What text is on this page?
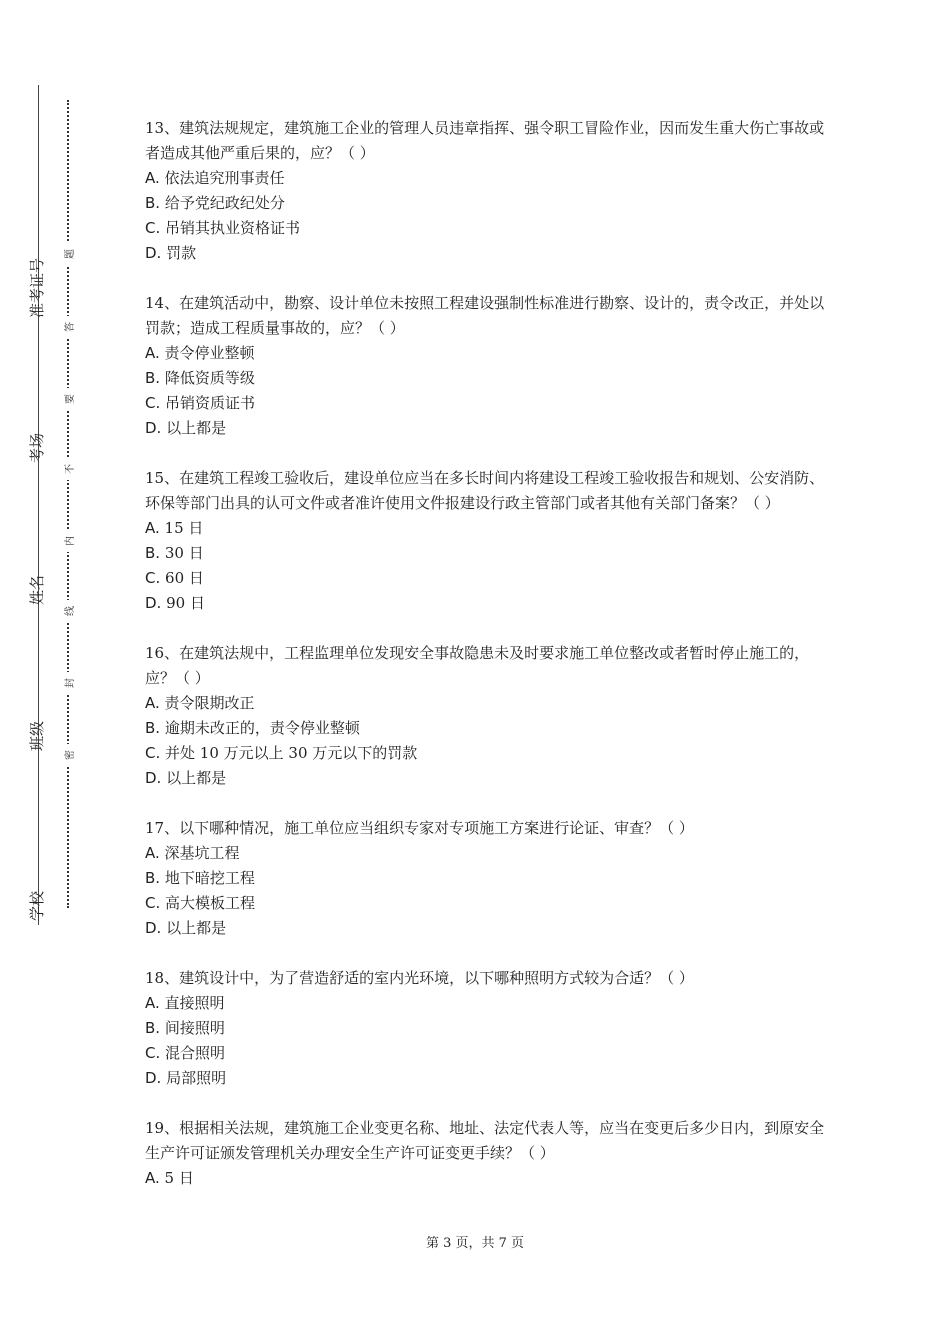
准考证号
考场
姓名
班级
学校
题
答
要
不
内
线
封
密

13、建筑法规规定，建筑施工企业的管理人员违章指挥、强令职工冒险作业，因而发生重大伤亡事故或者造成其他严重后果的，应？（ ）

A. 依法追究刑事责任

B. 给予党纪政纪处分

C. 吊销其执业资格证书

D. 罚款

14、在建筑活动中，勘察、设计单位未按照工程建设强制性标准进行勘察、设计的，责令改正，并处以罚款；造成工程质量事故的，应？（ ）

A. 责令停业整顿

B. 降低资质等级

C. 吊销资质证书

D. 以上都是

15、在建筑工程竣工验收后，建设单位应当在多长时间内将建设工程竣工验收报告和规划、公安消防、环保等部门出具的认可文件或者准许使用文件报建设行政主管部门或者其他有关部门备案？（ ）

A. 15 日

B. 30 日

C. 60 日

D. 90 日

16、在建筑法规中，工程监理单位发现安全事故隐患未及时要求施工单位整改或者暂时停止施工的，应？（ ）

A. 责令限期改正

B. 逾期未改正的，责令停业整顿

C. 并处 10 万元以上 30 万元以下的罚款

D. 以上都是

17、以下哪种情况，施工单位应当组织专家对专项施工方案进行论证、审查？（ ）

A. 深基坑工程

B. 地下暗挖工程

C. 高大模板工程

D. 以上都是

18、建筑设计中，为了营造舒适的室内光环境，以下哪种照明方式较为合适？（ ）

A. 直接照明

B. 间接照明

C. 混合照明

D. 局部照明

19、根据相关法规，建筑施工企业变更名称、地址、法定代表人等，应当在变更后多少日内，到原安全生产许可证颁发管理机关办理安全生产许可证变更手续？（ ）

A. 5 日

第 3 页，共 7 页
